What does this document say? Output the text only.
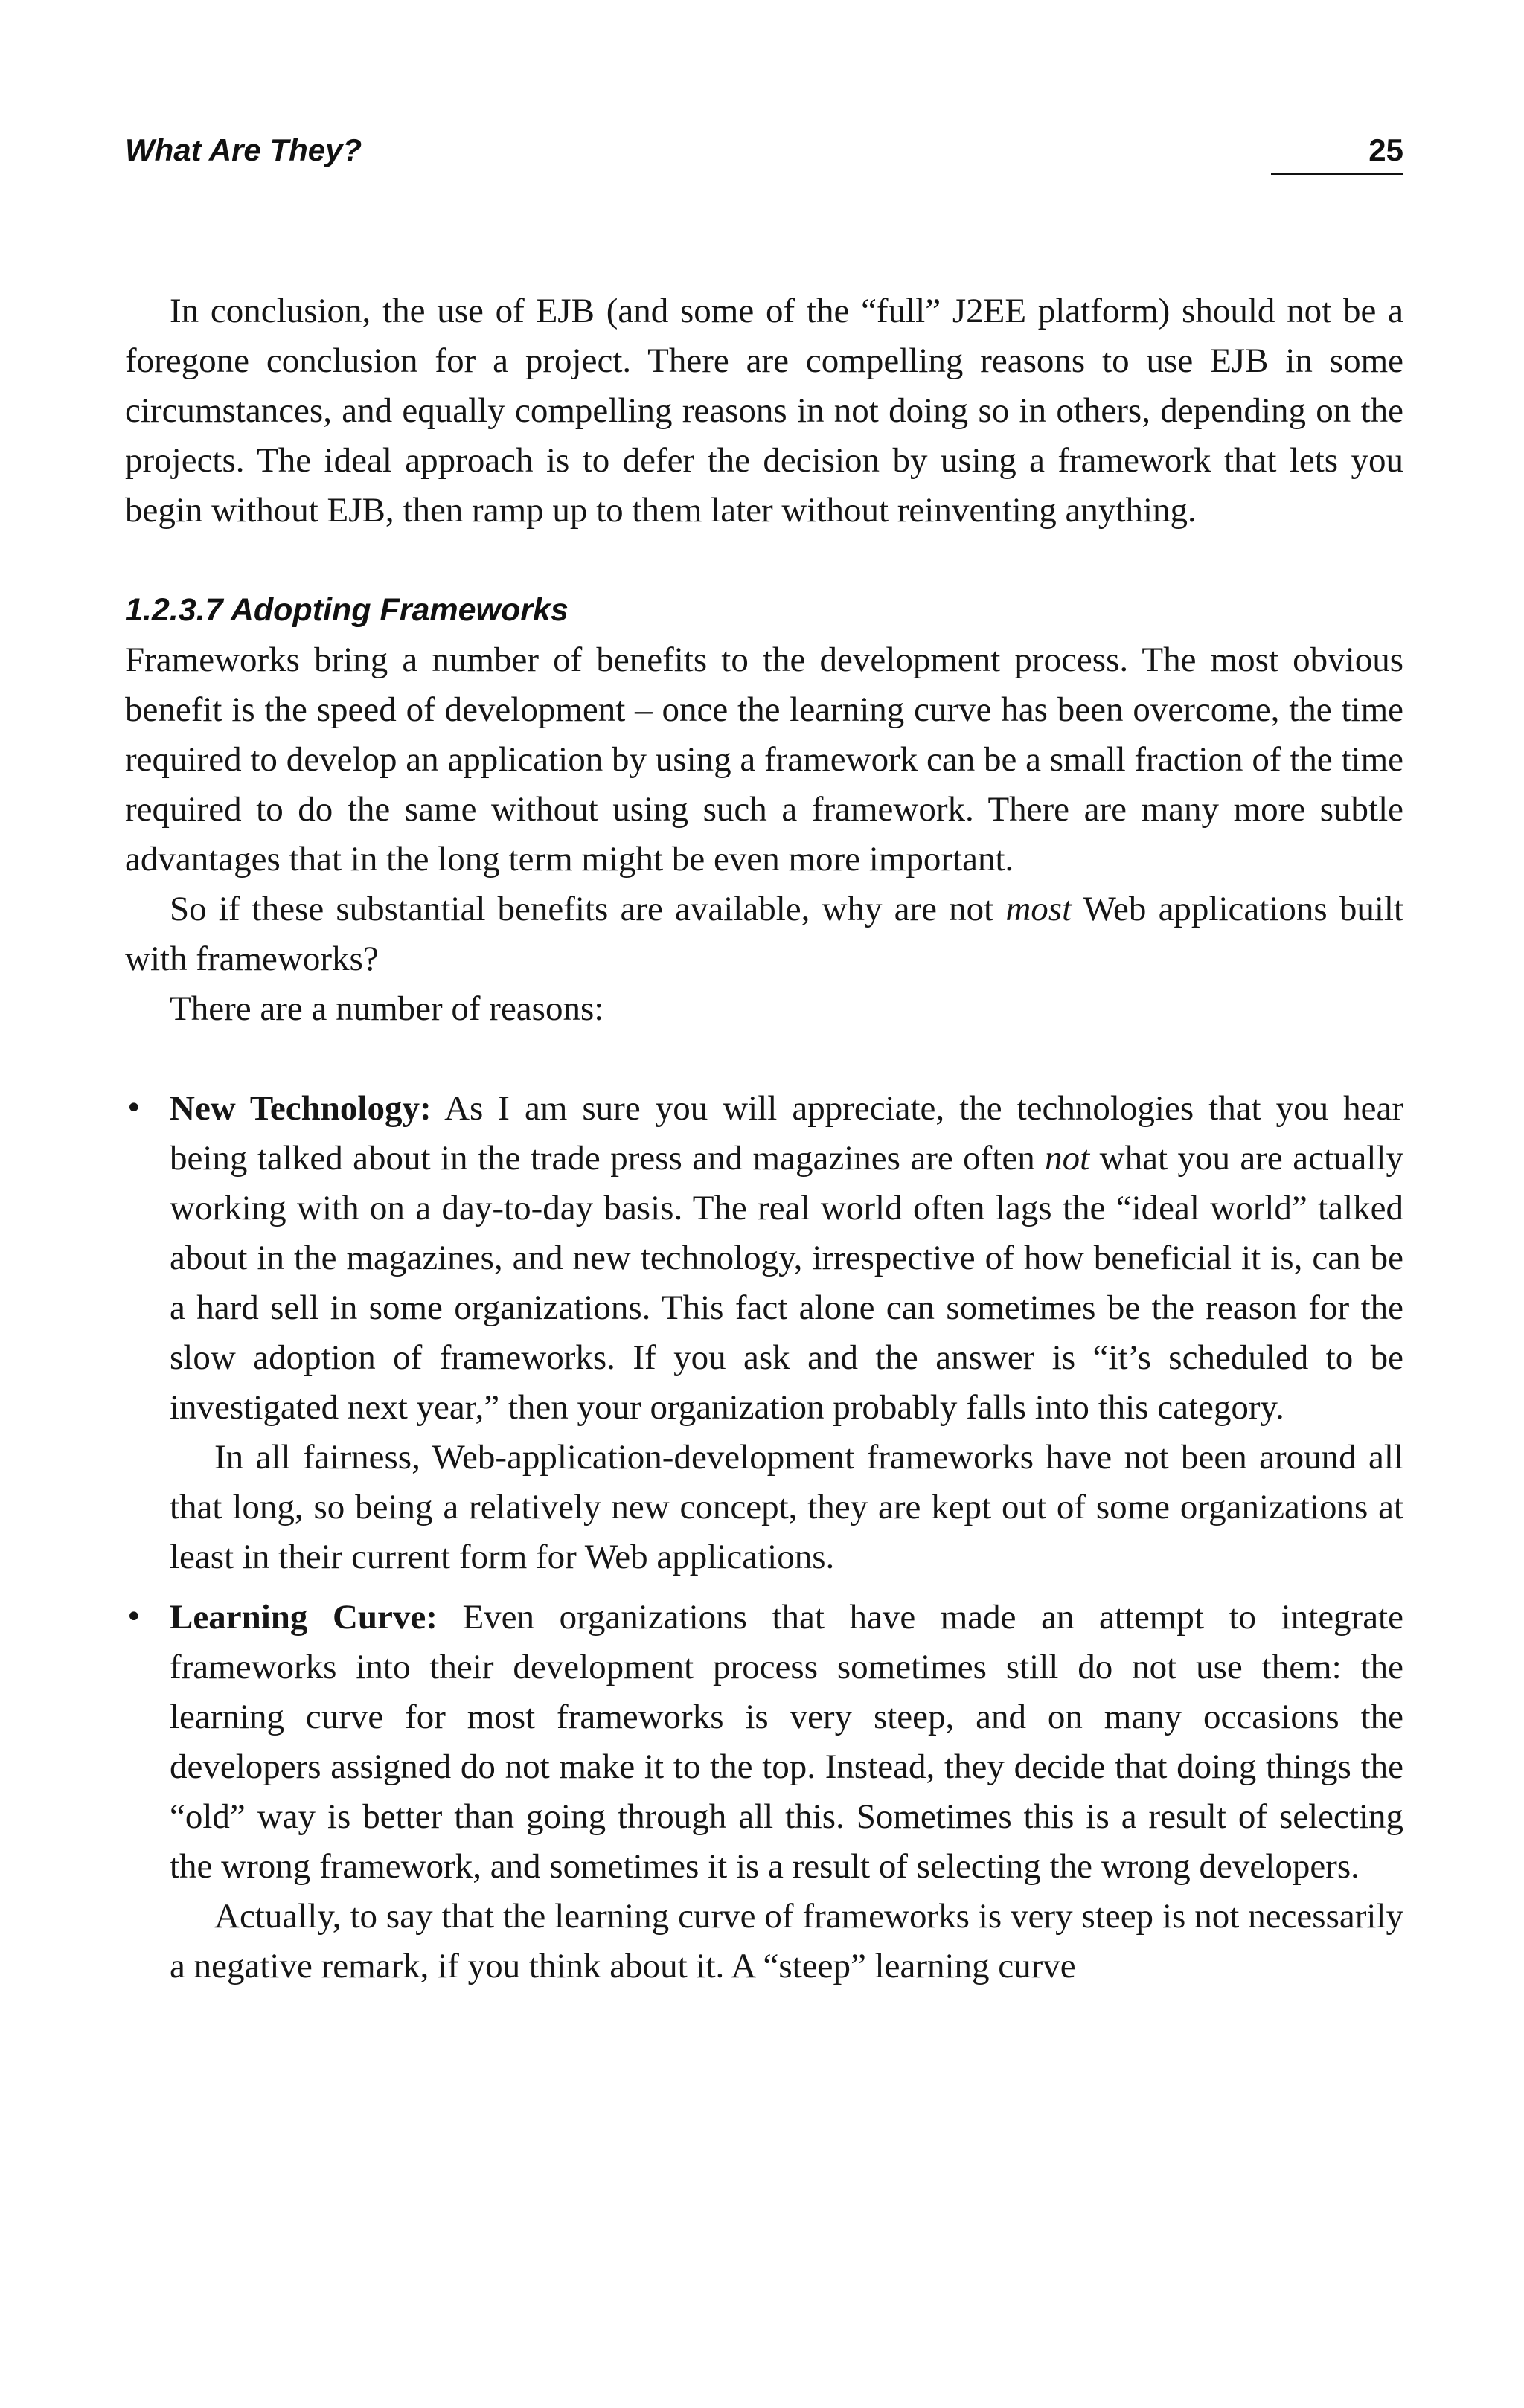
What Are They?	25

In conclusion, the use of EJB (and some of the “full” J2EE platform) should not be a foregone conclusion for a project. There are compelling reasons to use EJB in some circumstances, and equally compelling reasons in not doing so in others, depending on the projects. The ideal approach is to defer the decision by using a framework that lets you begin without EJB, then ramp up to them later without reinventing anything.

1.2.3.7 Adopting Frameworks

Frameworks bring a number of benefits to the development process. The most obvious benefit is the speed of development – once the learning curve has been overcome, the time required to develop an application by using a framework can be a small fraction of the time required to do the same without using such a framework. There are many more subtle advantages that in the long term might be even more important.

So if these substantial benefits are available, why are not most Web applications built with frameworks?

There are a number of reasons:

• New Technology: As I am sure you will appreciate, the technologies that you hear being talked about in the trade press and magazines are often not what you are actually working with on a day-to-day basis. The real world often lags the “ideal world” talked about in the magazines, and new technology, irrespective of how beneficial it is, can be a hard sell in some organizations. This fact alone can sometimes be the reason for the slow adoption of frameworks. If you ask and the answer is “it’s scheduled to be investigated next year,” then your organization probably falls into this category.

In all fairness, Web-application-development frameworks have not been around all that long, so being a relatively new concept, they are kept out of some organizations at least in their current form for Web applications.

• Learning Curve: Even organizations that have made an attempt to integrate frameworks into their development process sometimes still do not use them: the learning curve for most frameworks is very steep, and on many occasions the developers assigned do not make it to the top. Instead, they decide that doing things the “old” way is better than going through all this. Sometimes this is a result of selecting the wrong framework, and sometimes it is a result of selecting the wrong developers.

Actually, to say that the learning curve of frameworks is very steep is not necessarily a negative remark, if you think about it. A “steep” learning curve
